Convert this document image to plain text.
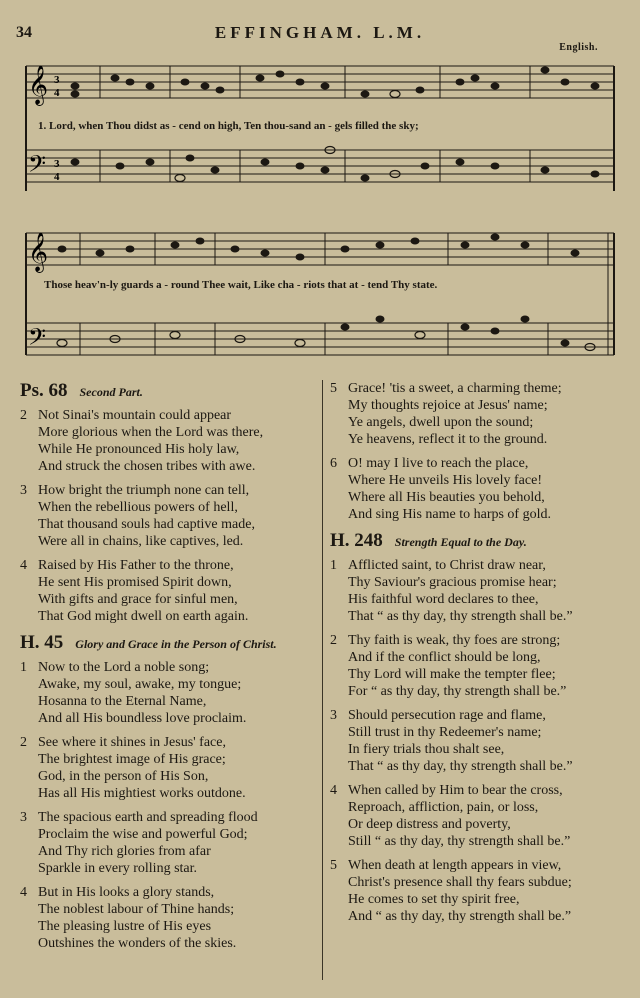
34	EFFINGHAM. L.M.
English.
𝄞
𝄢
3
4
3
4
1. Lord, when Thou didst as - cend on high, Ten thou-sand an - gels filled the sky;
𝄞
𝄢
Those heav'n-ly guards a - round Thee wait, Like cha - riots that at - tend Thy state.
Ps. 68 Second Part.
2 Not Sinai's mountain could appear
More glorious when the Lord was there,
While He pronounced His holy law,
And struck the chosen tribes with awe.
3 How bright the triumph none can tell,
When the rebellious powers of hell,
That thousand souls had captive made,
Were all in chains, like captives, led.
4 Raised by His Father to the throne,
He sent His promised Spirit down,
With gifts and grace for sinful men,
That God might dwell on earth again.
H. 45 Glory and Grace in the Person of Christ.
1 Now to the Lord a noble song;
Awake, my soul, awake, my tongue;
Hosanna to the Eternal Name,
And all His boundless love proclaim.
2 See where it shines in Jesus' face,
The brightest image of His grace;
God, in the person of His Son,
Has all His mightiest works outdone.
3 The spacious earth and spreading flood
Proclaim the wise and powerful God;
And Thy rich glories from afar
Sparkle in every rolling star.
4 But in His looks a glory stands,
The noblest labour of Thine hands;
The pleasing lustre of His eyes
Outshines the wonders of the skies.
5 Grace! 'tis a sweet, a charming theme;
My thoughts rejoice at Jesus' name;
Ye angels, dwell upon the sound;
Ye heavens, reflect it to the ground.
6 O! may I live to reach the place,
Where He unveils His lovely face!
Where all His beauties you behold,
And sing His name to harps of gold.
H. 248 Strength Equal to the Day.
1 Afflicted saint, to Christ draw near,
Thy Saviour's gracious promise hear;
His faithful word declares to thee,
That “ as thy day, thy strength shall be.”
2 Thy faith is weak, thy foes are strong;
And if the conflict should be long,
Thy Lord will make the tempter flee;
For “ as thy day, thy strength shall be.”
3 Should persecution rage and flame,
Still trust in thy Redeemer's name;
In fiery trials thou shalt see,
That “ as thy day, thy strength shall be.”
4 When called by Him to bear the cross,
Reproach, affliction, pain, or loss,
Or deep distress and poverty,
Still “ as thy day, thy strength shall be.”
5 When death at length appears in view,
Christ's presence shall thy fears subdue;
He comes to set thy spirit free,
And “ as thy day, thy strength shall be.”
